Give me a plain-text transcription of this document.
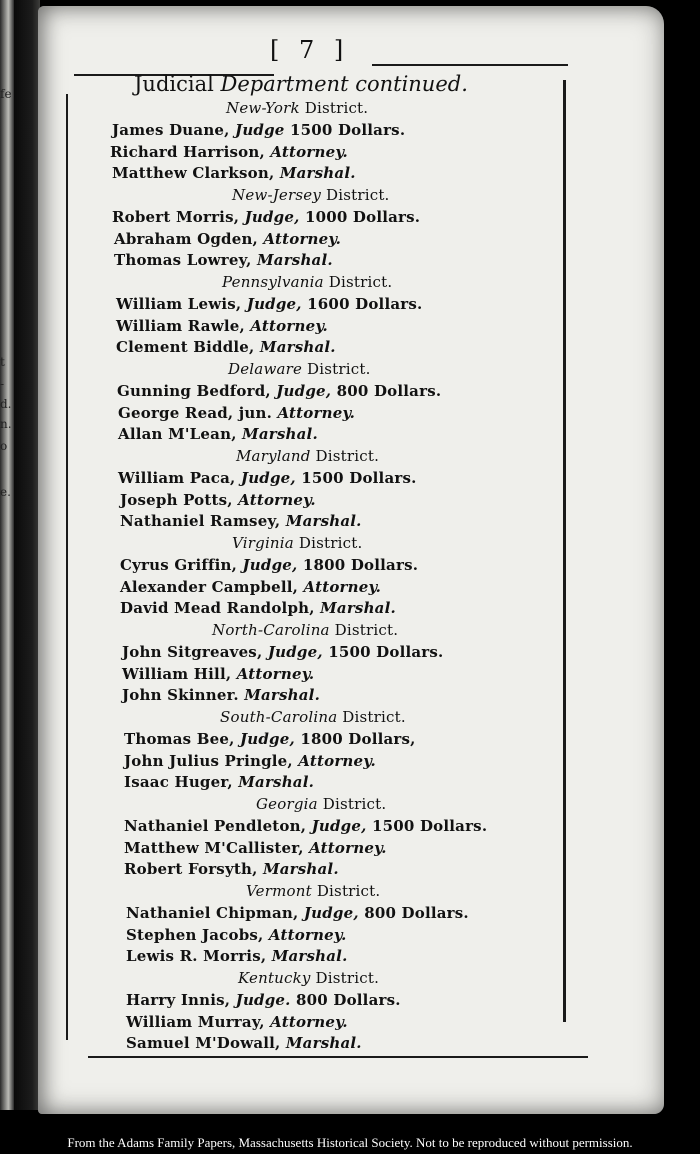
fe
t
-
d.
n.
o
e.
[ 7 ]
Judicial Department continued.
New-York District.
James Duane, Judge 1500 Dollars.
Richard Harrison, Attorney.
Matthew Clarkson, Marshal.
New-Jersey District.
Robert Morris, Judge, 1000 Dollars.
Abraham Ogden, Attorney.
Thomas Lowrey, Marshal.
Pennsylvania District.
William Lewis, Judge, 1600 Dollars.
William Rawle, Attorney.
Clement Biddle, Marshal.
Delaware District.
Gunning Bedford, Judge, 800 Dollars.
George Read, jun. Attorney.
Allan M'Lean, Marshal.
Maryland District.
William Paca, Judge, 1500 Dollars.
Joseph Potts, Attorney.
Nathaniel Ramsey, Marshal.
Virginia District.
Cyrus Griffin, Judge, 1800 Dollars.
Alexander Campbell, Attorney.
David Mead Randolph, Marshal.
North-Carolina District.
John Sitgreaves, Judge, 1500 Dollars.
William Hill, Attorney.
John Skinner. Marshal.
South-Carolina District.
Thomas Bee, Judge, 1800 Dollars,
John Julius Pringle, Attorney.
Isaac Huger, Marshal.
Georgia District.
Nathaniel Pendleton, Judge, 1500 Dollars.
Matthew M'Callister, Attorney.
Robert Forsyth, Marshal.
Vermont District.
Nathaniel Chipman, Judge, 800 Dollars.
Stephen Jacobs, Attorney.
Lewis R. Morris, Marshal.
Kentucky District.
Harry Innis, Judge. 800 Dollars.
William Murray, Attorney.
Samuel M'Dowall, Marshal.
From the Adams Family Papers, Massachusetts Historical Society. Not to be reproduced without permission.
